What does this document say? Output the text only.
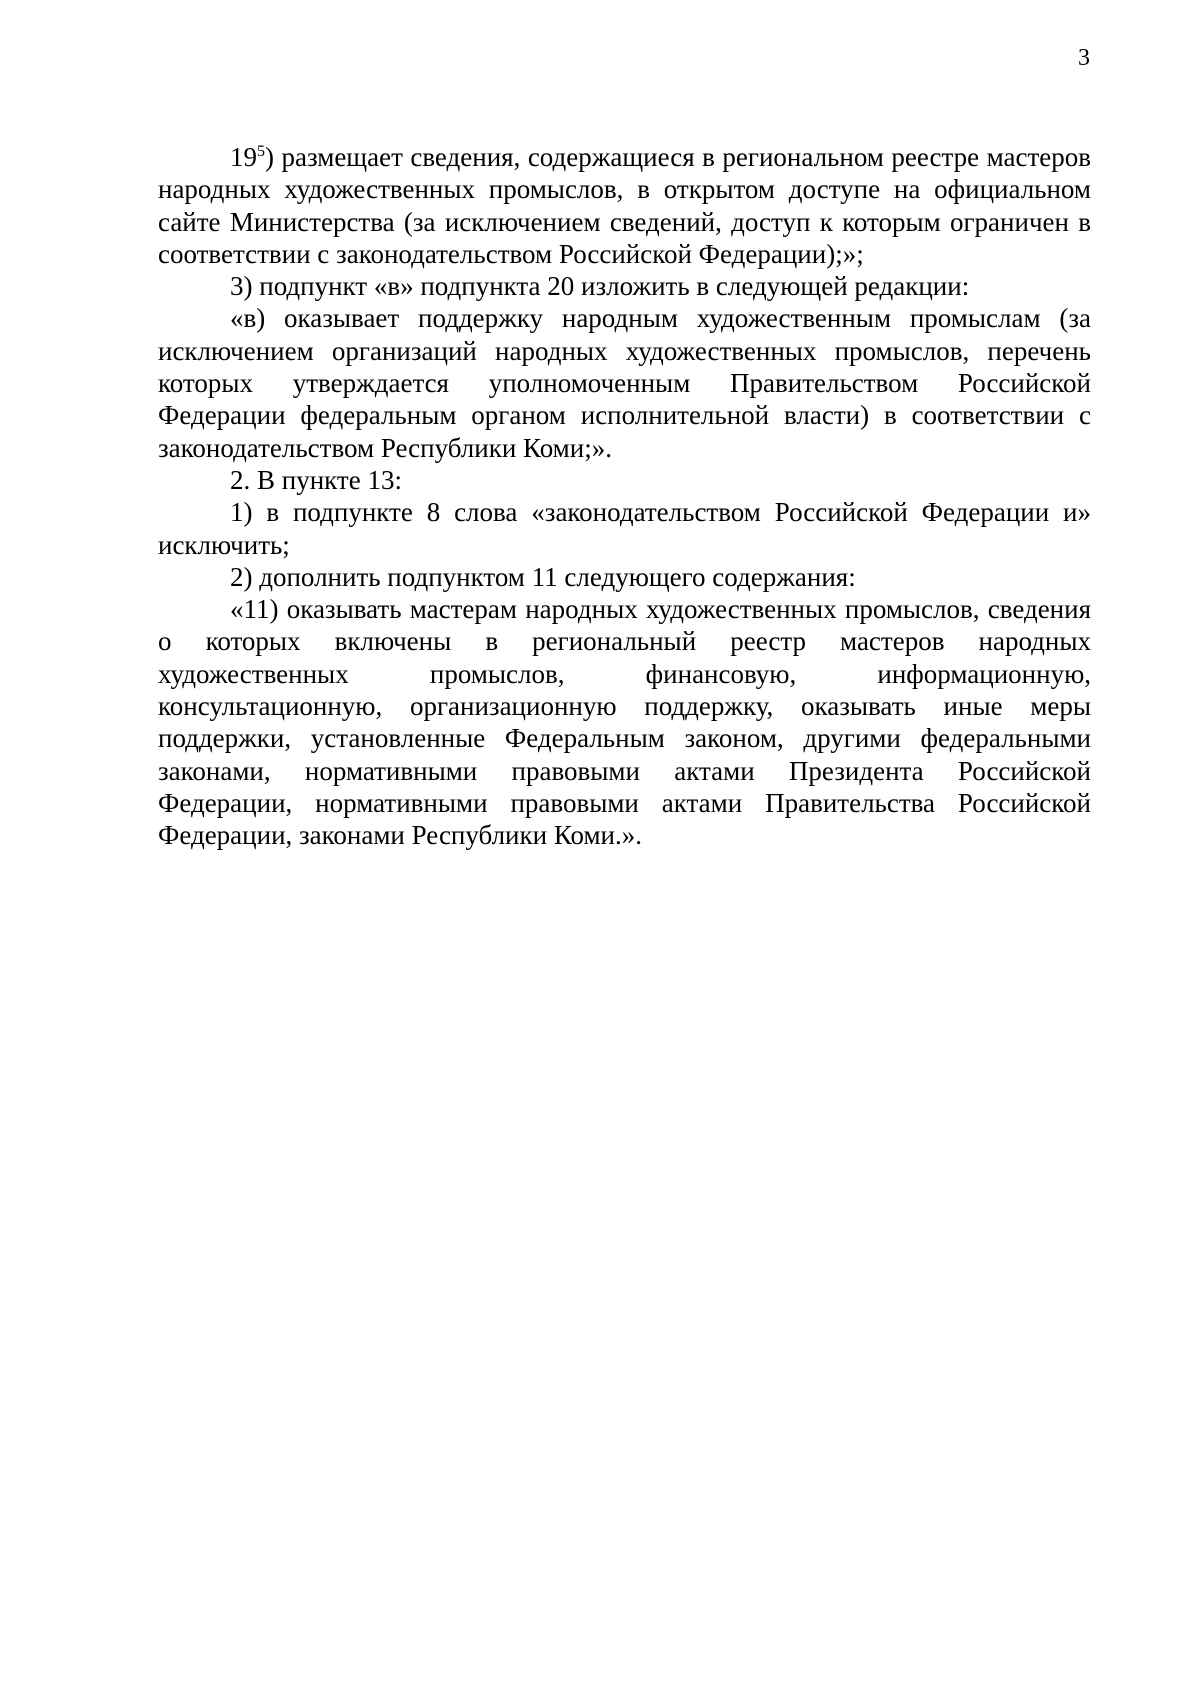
3

$19^5$) размещает сведения, содержащиеся в региональном реестре мастеров народных художественных промыслов, в открытом доступе на официальном сайте Министерства (за исключением сведений, доступ к которым ограничен в соответствии с законодательством Российской Федерации);»;

3) подпункт «в» подпункта 20 изложить в следующей редакции:

«в) оказывает поддержку народным художественным промыслам (за исключением организаций народных художественных промыслов, перечень которых утверждается уполномоченным Правительством Российской Федерации федеральным органом исполнительной власти) в соответствии с законодательством Республики Коми;».

2. В пункте 13:

1) в подпункте 8 слова «законодательством Российской Федерации и» исключить;

2) дополнить подпунктом 11 следующего содержания:

«11) оказывать мастерам народных художественных промыслов, сведения о которых включены в региональный реестр мастеров народных художественных промыслов, финансовую, информационную, консультационную, организационную поддержку, оказывать иные меры поддержки, установленные Федеральным законом, другими федеральными законами, нормативными правовыми актами Президента Российской Федерации, нормативными правовыми актами Правительства Российской Федерации, законами Республики Коми.».
